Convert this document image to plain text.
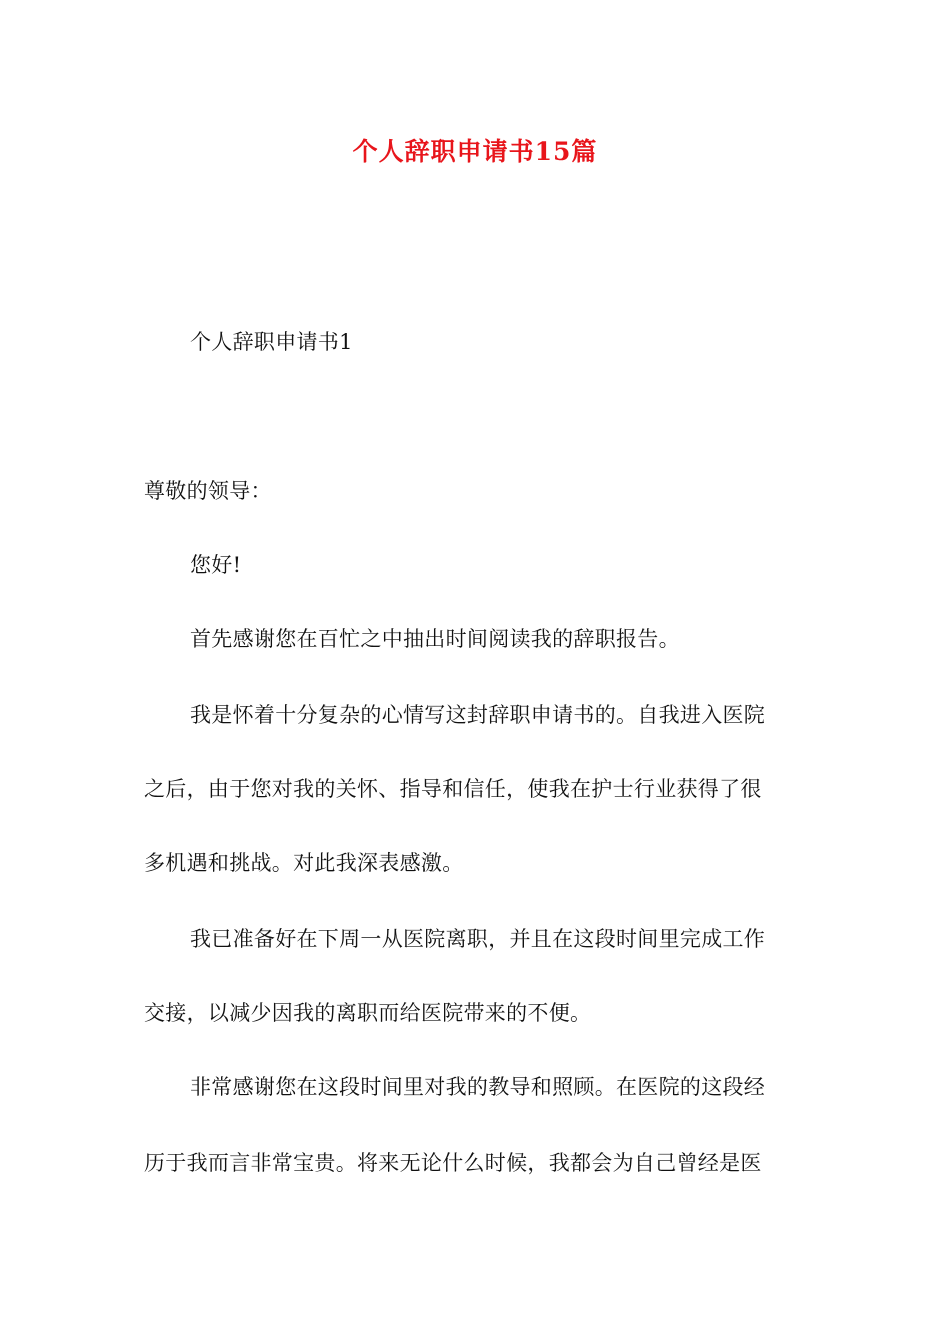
个人辞职申请书15篇
个人辞职申请书1
尊敬的领导：
您好!
首先感谢您在百忙之中抽出时间阅读我的辞职报告。
我是怀着十分复杂的心情写这封辞职申请书的。自我进入医院
之后，由于您对我的关怀、指导和信任，使我在护士行业获得了很
多机遇和挑战。对此我深表感激。
我已准备好在下周一从医院离职，并且在这段时间里完成工作
交接，以减少因我的离职而给医院带来的不便。
非常感谢您在这段时间里对我的教导和照顾。在医院的这段经
历于我而言非常宝贵。将来无论什么时候，我都会为自己曾经是医
